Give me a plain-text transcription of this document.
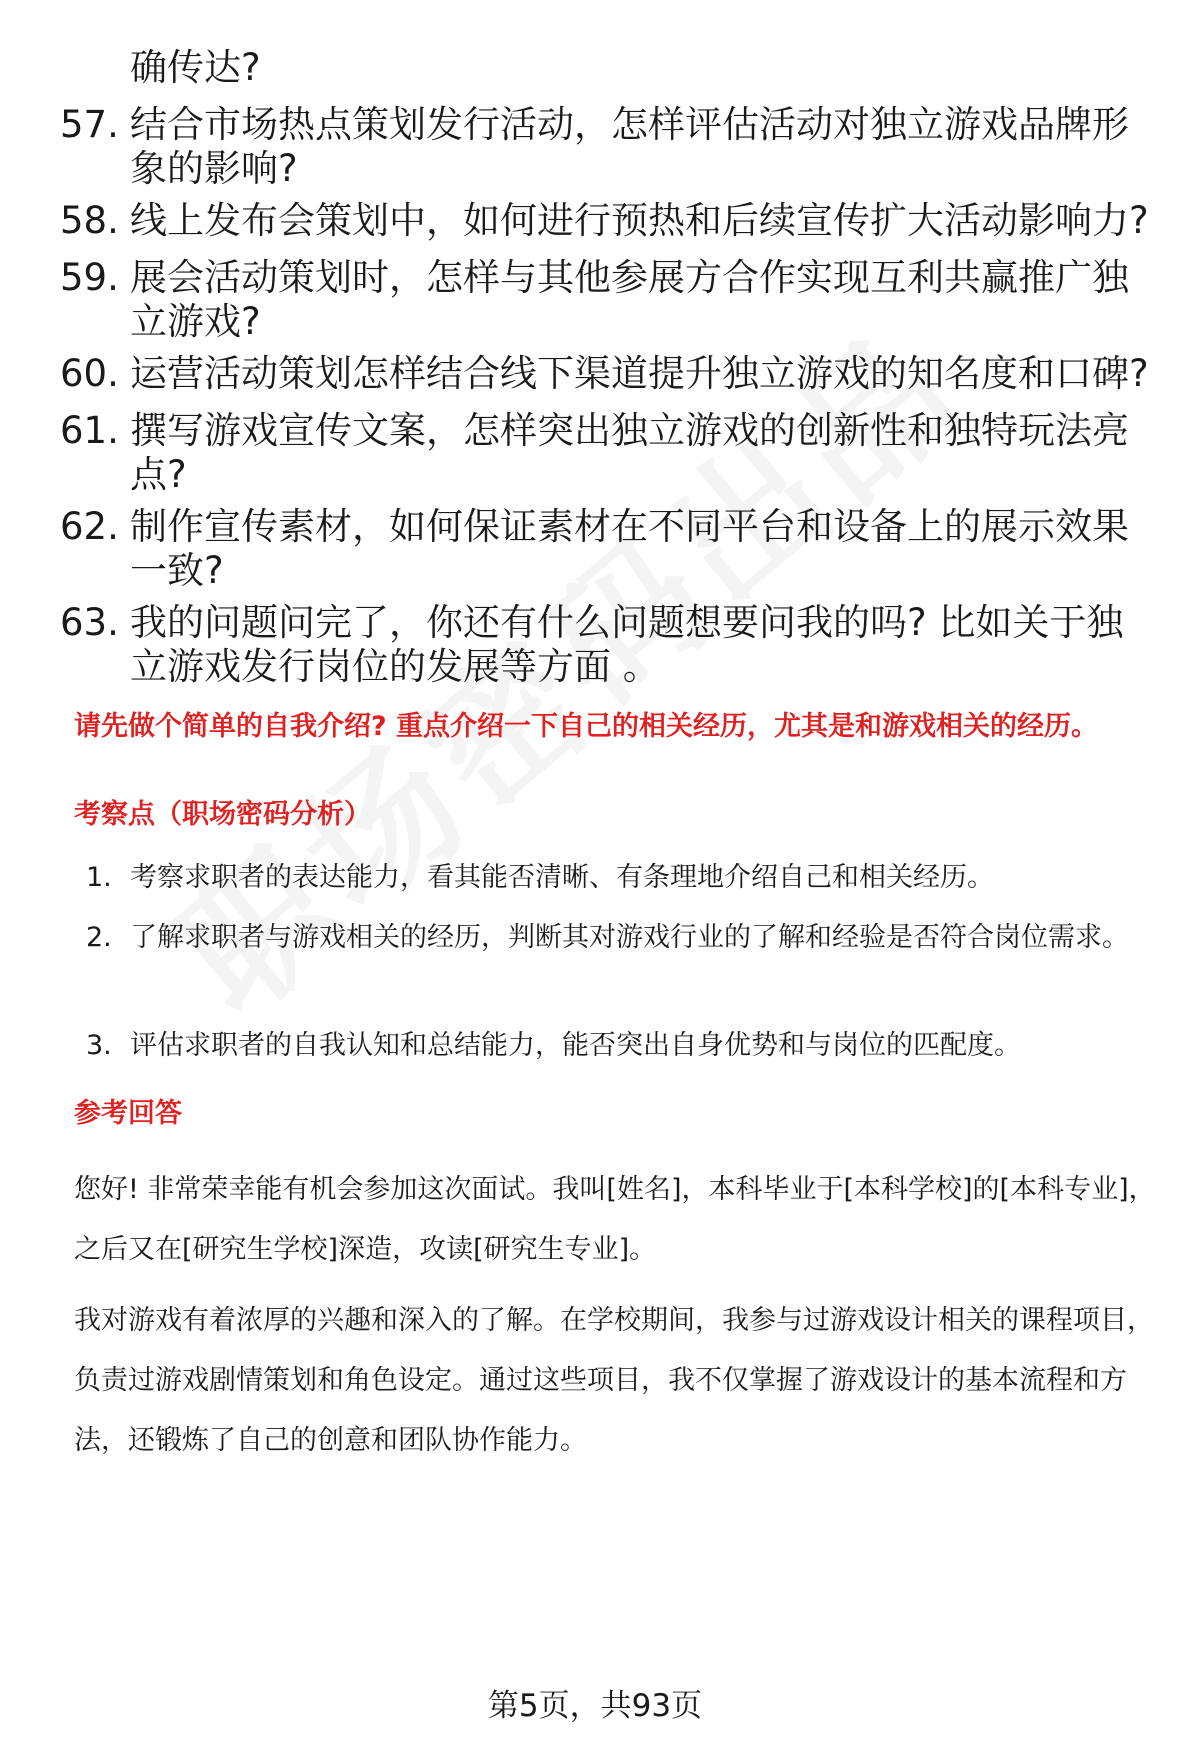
确传达?
57. 结合市场热点策划发行活动，怎样评估活动对独立游戏品牌形象的影响?
58. 线上发布会策划中，如何进行预热和后续宣传扩大活动影响力?
59. 展会活动策划时，怎样与其他参展方合作实现互利共赢推广独立游戏?
60. 运营活动策划怎样结合线下渠道提升独立游戏的知名度和口碑?
61. 撰写游戏宣传文案，怎样突出独立游戏的创新性和独特玩法亮点?
62. 制作宣传素材，如何保证素材在不同平台和设备上的展示效果一致?
63. 我的问题问完了，你还有什么问题想要问我的吗? 比如关于独立游戏发行岗位的发展等方面 。
请先做个简单的自我介绍? 重点介绍一下自己的相关经历，尤其是和游戏相关的经历。
考察点（职场密码分析）
1. 考察求职者的表达能力，看其能否清晰、有条理地介绍自己和相关经历。
2. 了解求职者与游戏相关的经历，判断其对游戏行业的了解和经验是否符合岗位需求。
3. 评估求职者的自我认知和总结能力，能否突出自身优势和与岗位的匹配度。
参考回答
您好! 非常荣幸能有机会参加这次面试。我叫[姓名]，本科毕业于[本科学校]的[本科专业]，之后又在[研究生学校]深造，攻读[研究生专业]。
我对游戏有着浓厚的兴趣和深入的了解。在学校期间，我参与过游戏设计相关的课程项目，负责过游戏剧情策划和角色设定。通过这些项目，我不仅掌握了游戏设计的基本流程和方法，还锻炼了自己的创意和团队协作能力。
第5页，共93页
